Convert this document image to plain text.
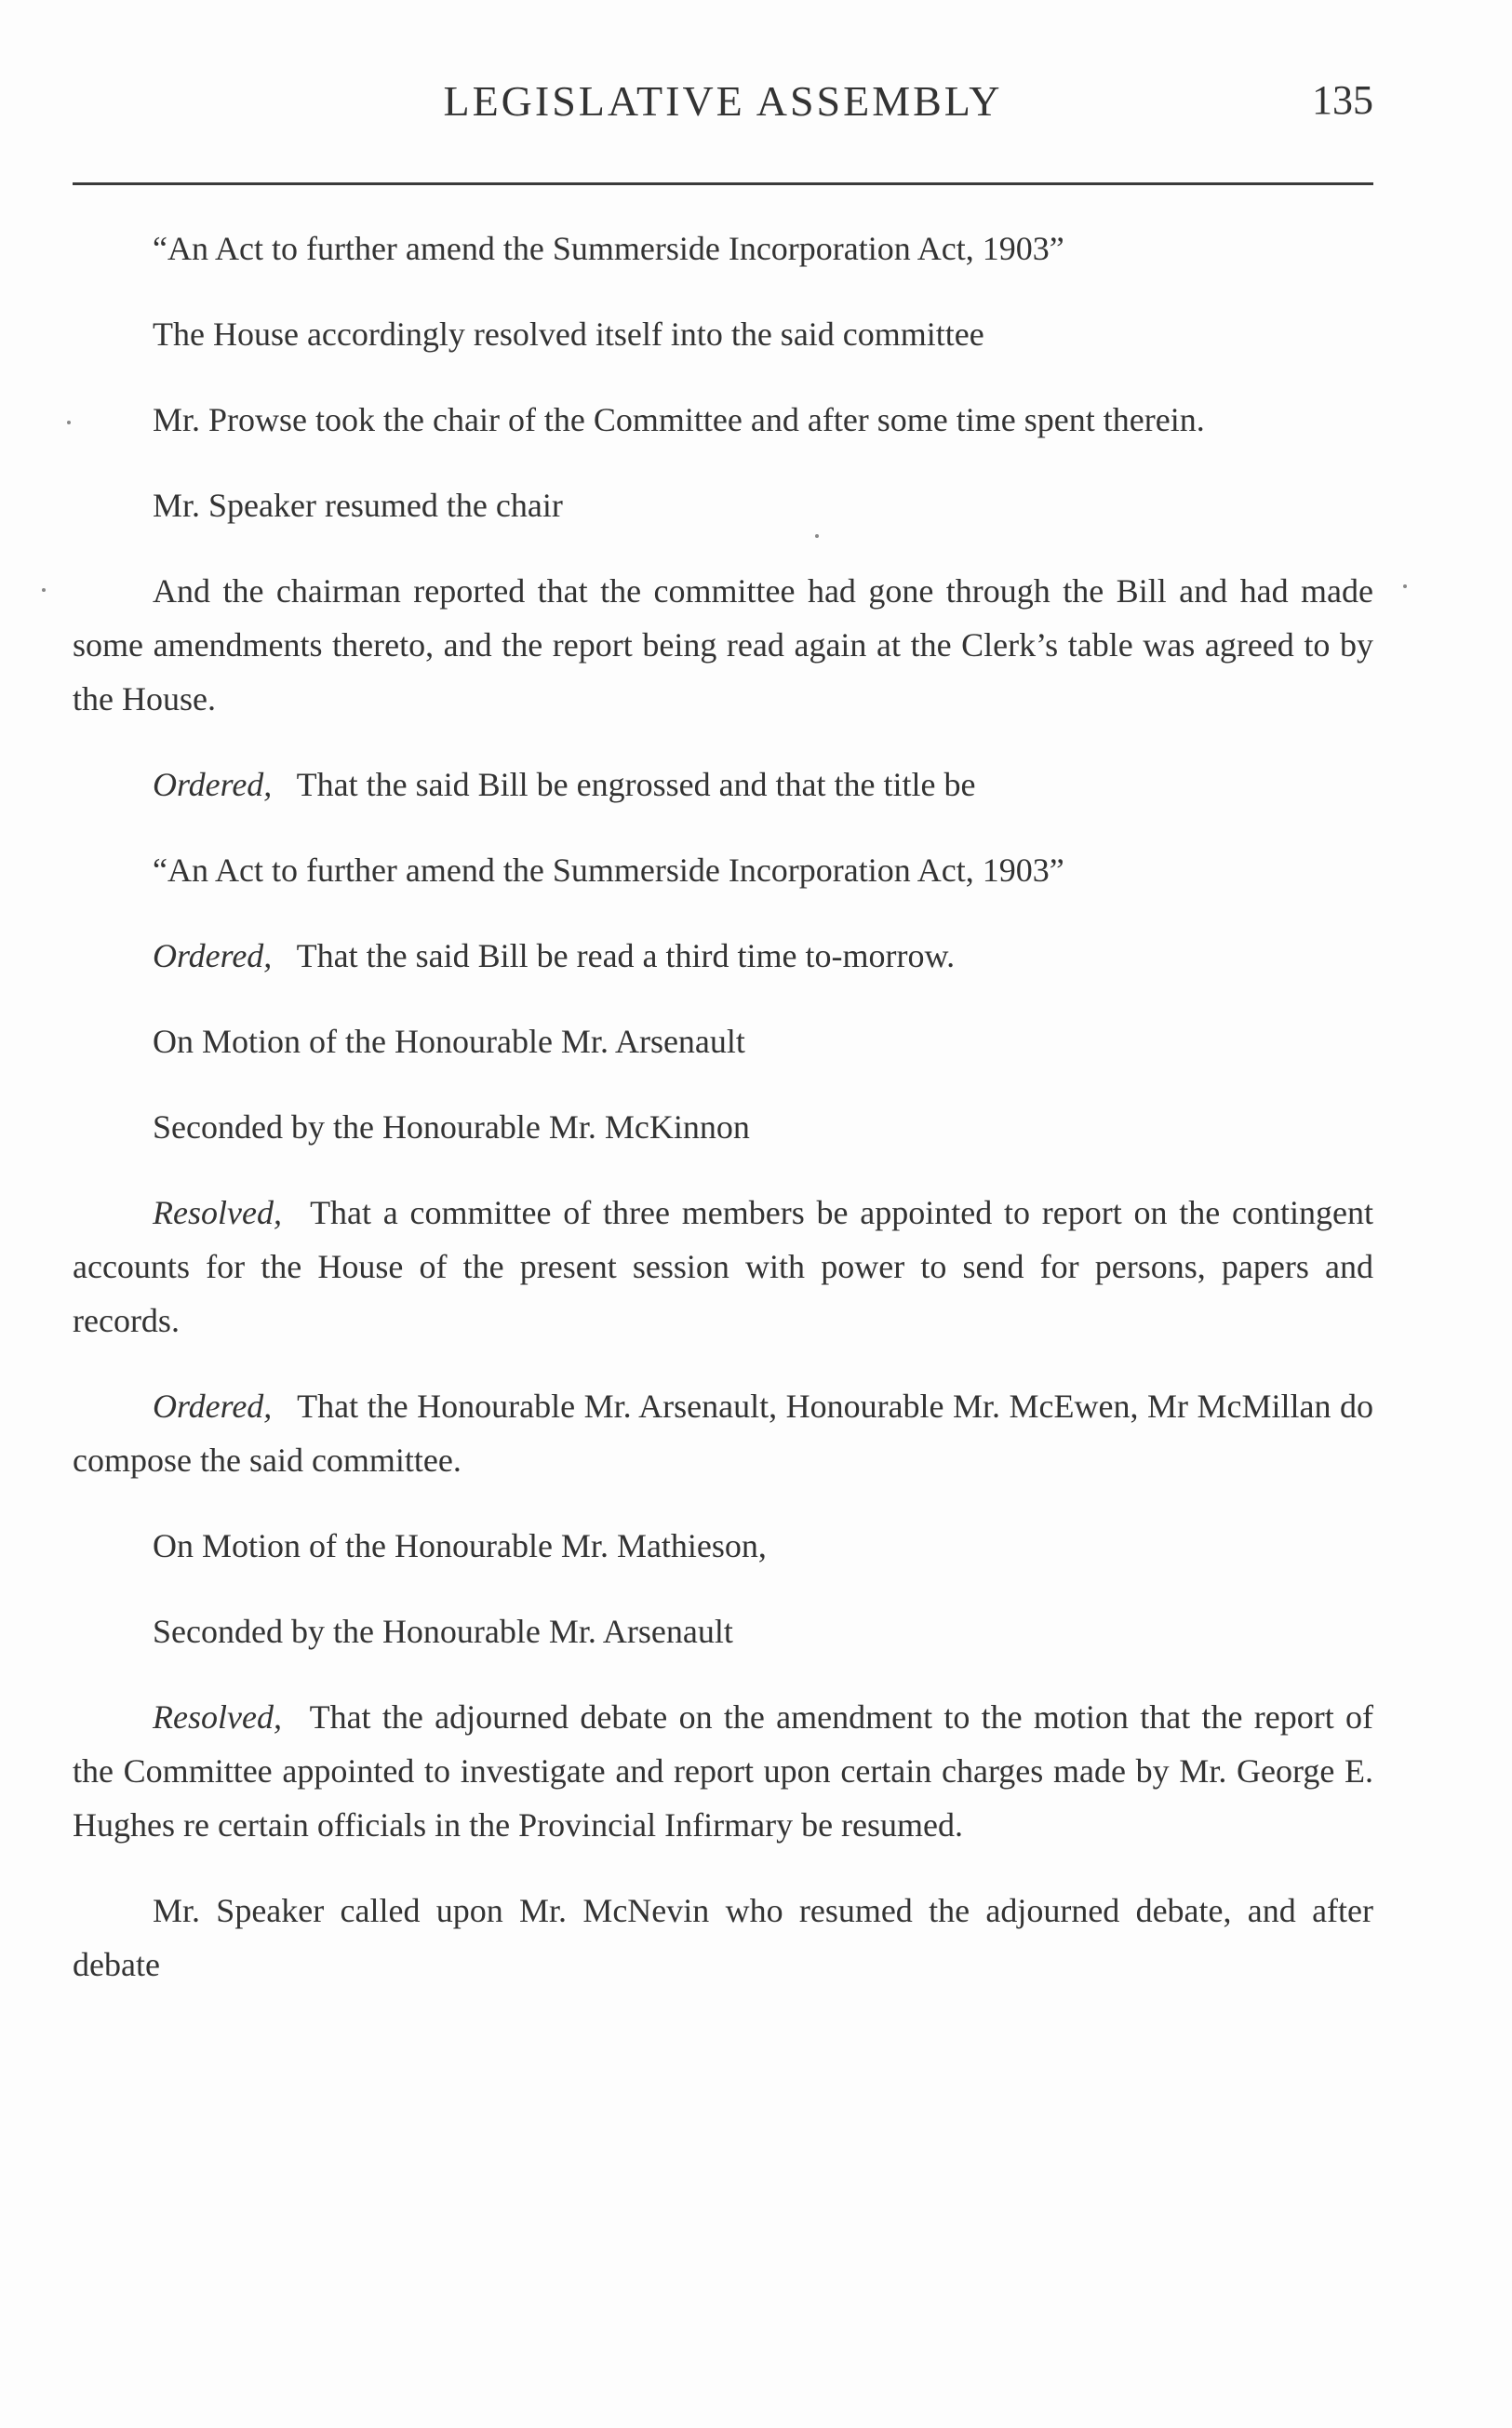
LEGISLATIVE ASSEMBLY	135

“An Act to further amend the Summerside Incorporation Act, 1903”

The House accordingly resolved itself into the said committee

Mr. Prowse took the chair of the Committee and after some time spent therein.

Mr. Speaker resumed the chair

And the chairman reported that the committee had gone through the Bill and had made some amendments thereto, and the report being read again at the Clerk’s table was agreed to by the House.

Ordered,  That the said Bill be engrossed and that the title be

“An Act to further amend the Summerside Incorporation Act, 1903”

Ordered,  That the said Bill be read a third time to-morrow.

On Motion of the Honourable Mr. Arsenault

Seconded by the Honourable Mr. McKinnon

Resolved,  That a committee of three members be appointed to report on the contingent accounts for the House of the present session with power to send for persons, papers and records.

Ordered,  That the Honourable Mr. Arsenault, Honourable Mr. McEwen, Mr McMillan do compose the said committee.

On Motion of the Honourable Mr. Mathieson,

Seconded by the Honourable Mr. Arsenault

Resolved,  That the adjourned debate on the amendment to the motion that the report of the Committee appointed to investigate and report upon certain charges made by Mr. George E. Hughes re certain officials in the Provincial Infirmary be resumed.

Mr. Speaker called upon Mr. McNevin who resumed the adjourned debate, and after debate
